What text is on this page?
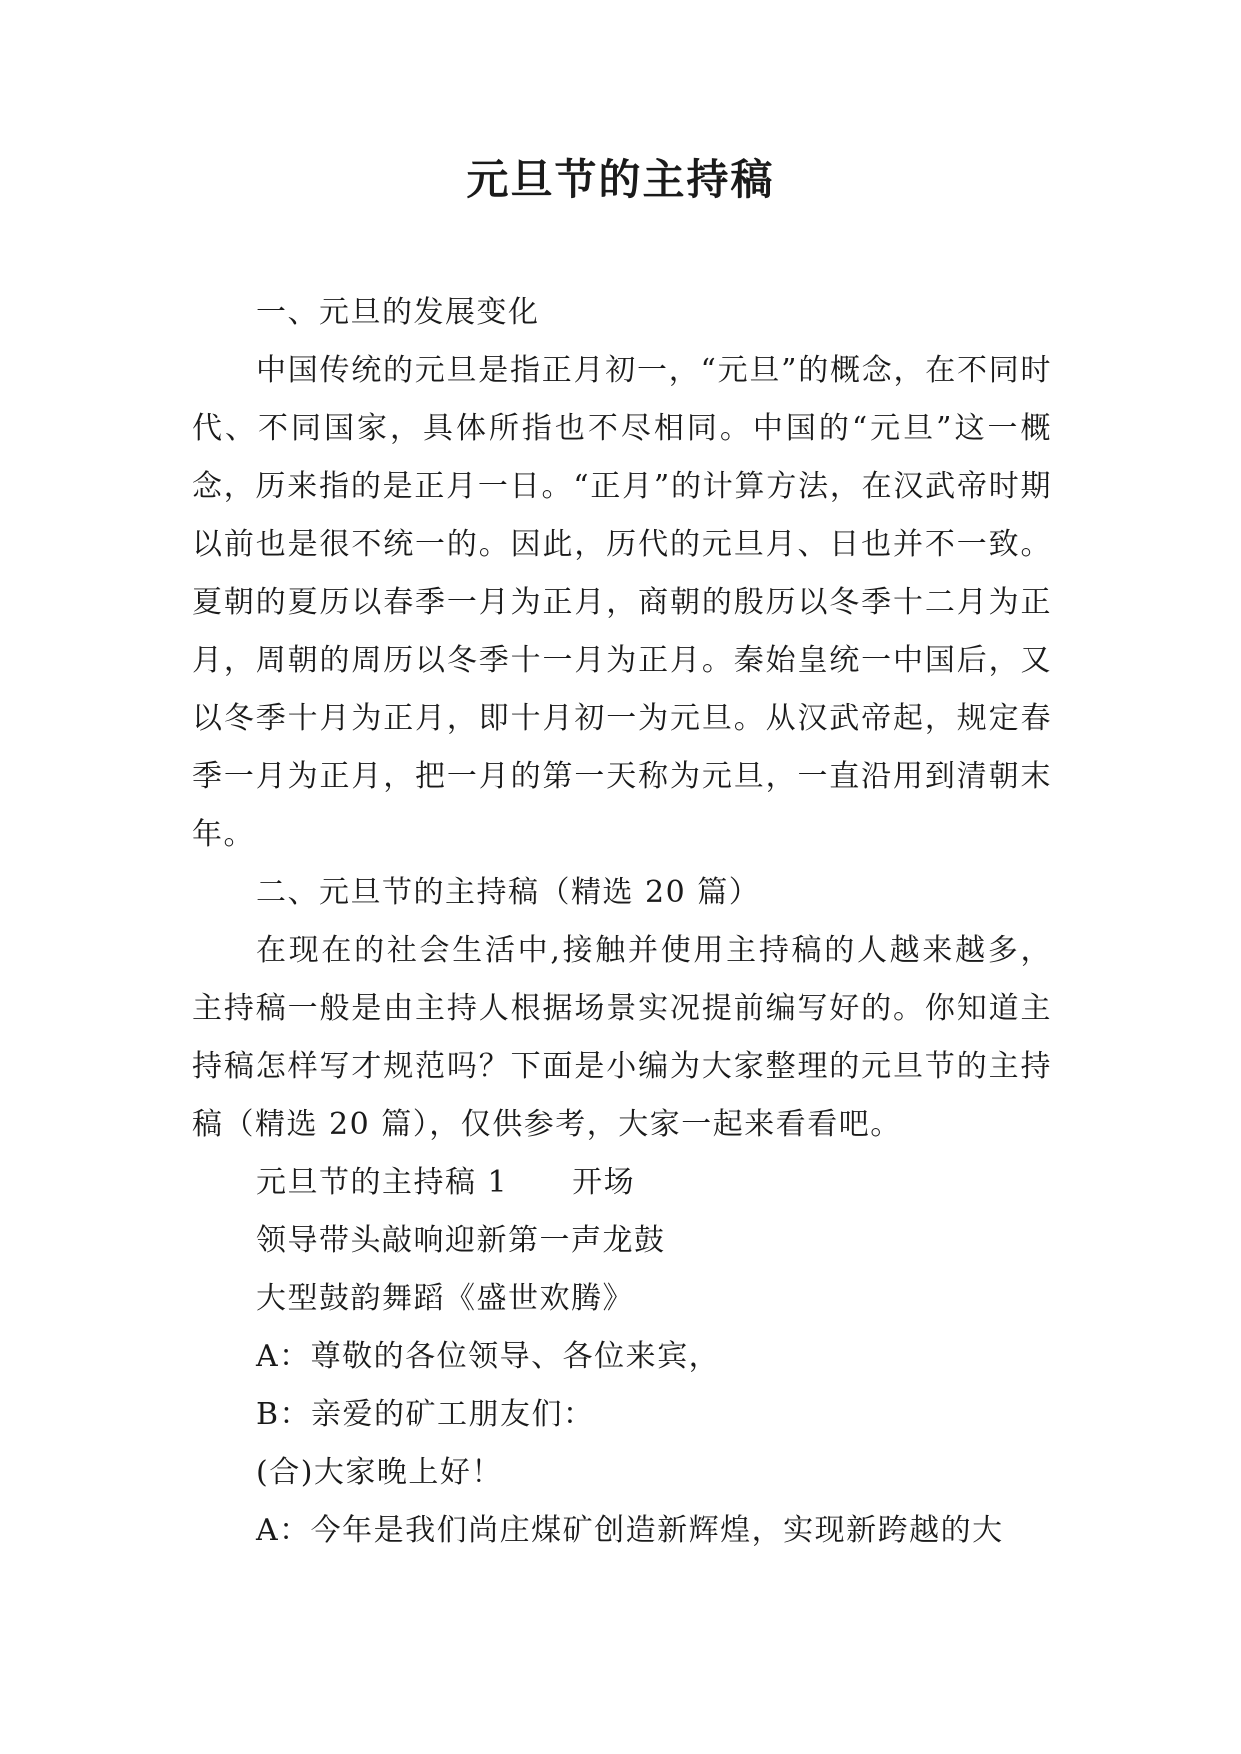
元旦节的主持稿

一、元旦的发展变化

中国传统的元旦是指正月初一，“元旦”的概念，在不同时代、不同国家，具体所指也不尽相同。中国的“元旦”这一概念，历来指的是正月一日。“正月”的计算方法，在汉武帝时期以前也是很不统一的。因此，历代的元旦月、日也并不一致。夏朝的夏历以春季一月为正月，商朝的殷历以冬季十二月为正月，周朝的周历以冬季十一月为正月。秦始皇统一中国后，又以冬季十月为正月，即十月初一为元旦。从汉武帝起，规定春季一月为正月，把一月的第一天称为元旦，一直沿用到清朝末年。

二、元旦节的主持稿（精选 20 篇）

在现在的社会生活中,接触并使用主持稿的人越来越多，主持稿一般是由主持人根据场景实况提前编写好的。你知道主持稿怎样写才规范吗？下面是小编为大家整理的元旦节的主持稿（精选 20 篇），仅供参考，大家一起来看看吧。

元旦节的主持稿 1 开场

领导带头敲响迎新第一声龙鼓

大型鼓韵舞蹈《盛世欢腾》

A：尊敬的各位领导、各位来宾，

B：亲爱的矿工朋友们：

(合)大家晚上好！

A：今年是我们尚庄煤矿创造新辉煌，实现新跨越的大
